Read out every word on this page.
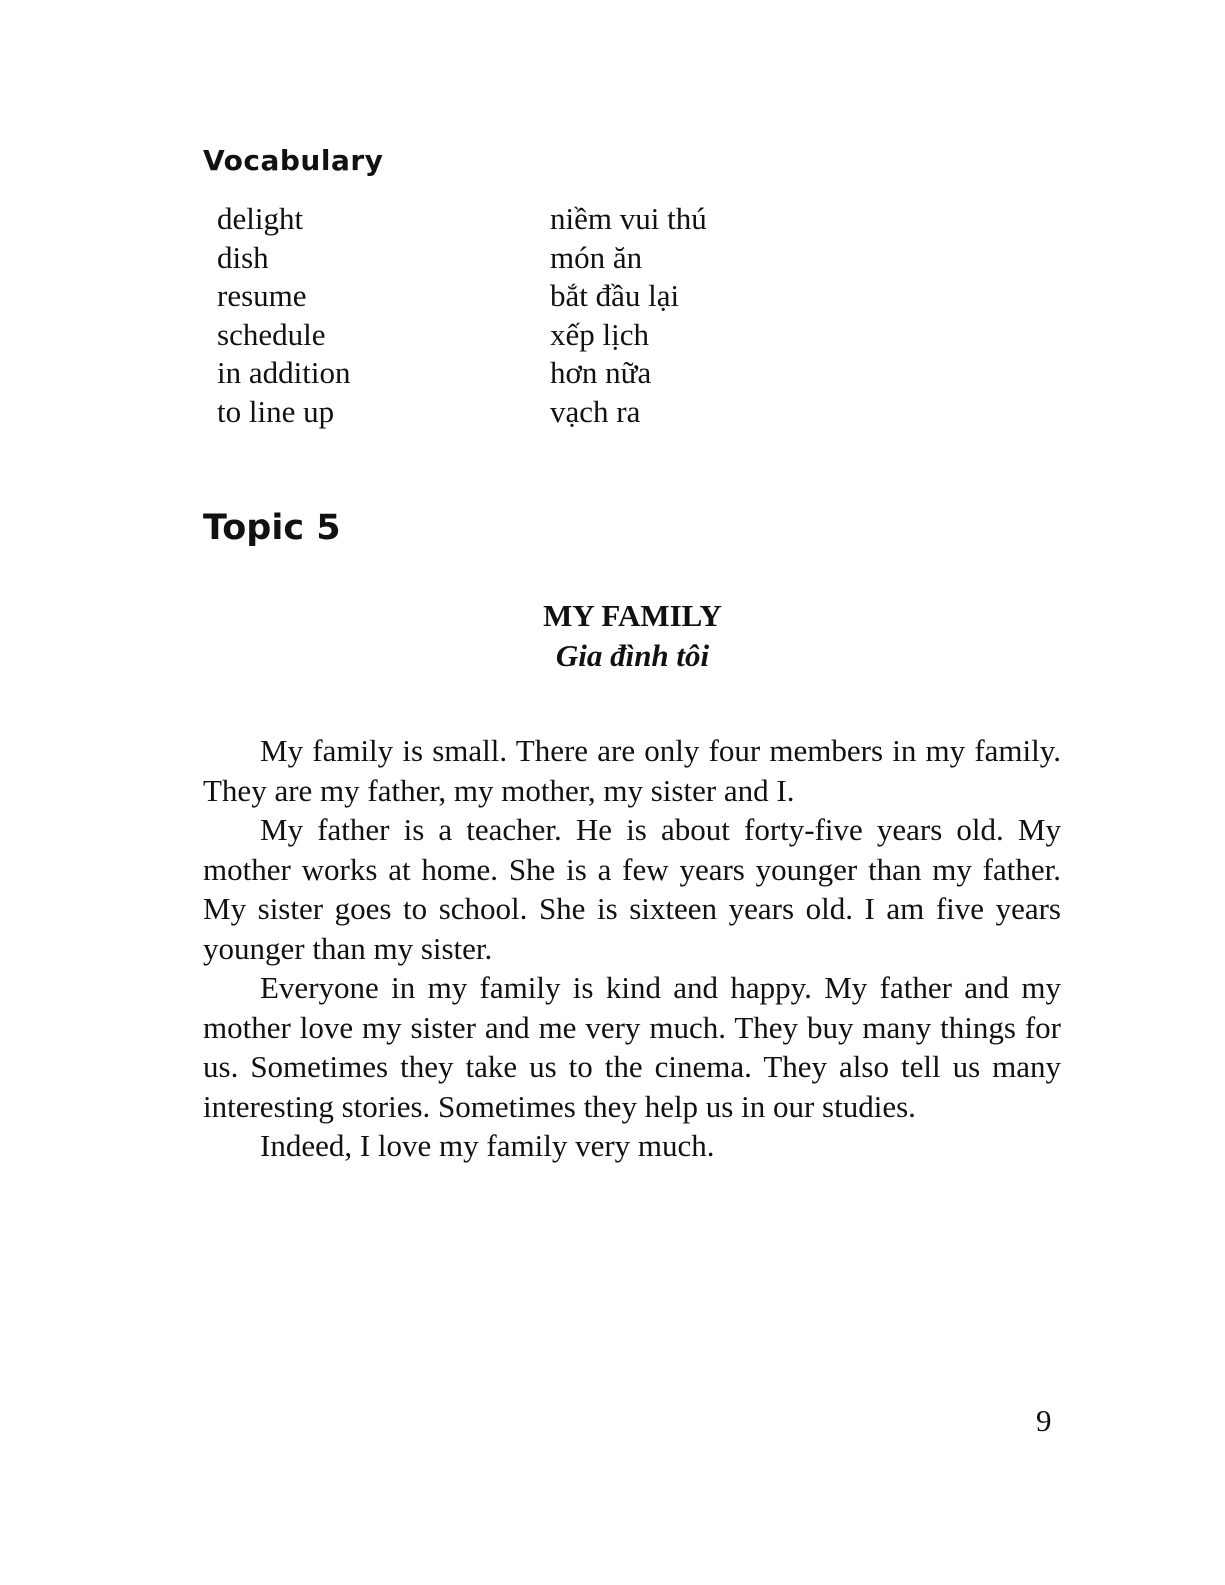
Vocabulary
delight	niềm vui thú
dish	món ăn
resume	bắt đầu lại
schedule	xếp lịch
in addition	hơn nữa
to line up	vạch ra
Topic 5
MY FAMILY
Gia đình tôi

My family is small. There are only four members in my family. They are my father, my mother, my sister and I.

My father is a teacher. He is about forty-five years old. My mother works at home. She is a few years younger than my father. My sister goes to school. She is sixteen years old. I am five years younger than my sister.

Everyone in my family is kind and happy. My father and my mother love my sister and me very much. They buy many things for us. Sometimes they take us to the cinema. They also tell us many interesting stories. Sometimes they help us in our studies.

Indeed, I love my family very much.

9
